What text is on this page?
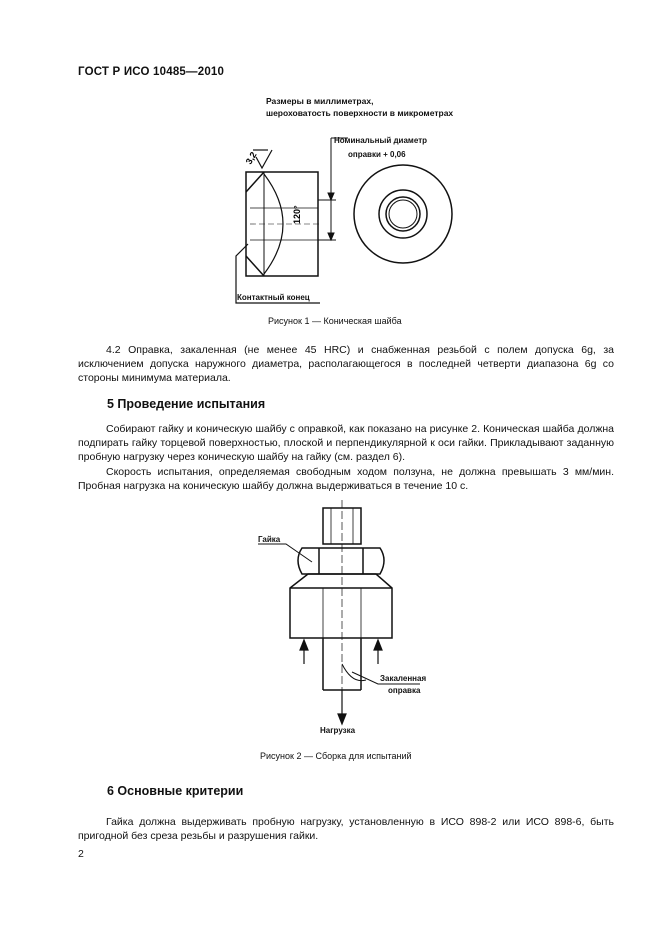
ГОСТ Р ИСО 10485—2010
Размеры в миллиметрах,
шероховатость поверхности в микрометрах
3,2
120°
Номинальный диаметр
оправки + 0,06
Контактный конец
Рисунок 1 — Коническая шайба

4.2 Оправка, закаленная (не менее 45 HRC) и снабженная резьбой с полем допуска 6g, за исключением допуска наружного диаметра, располагающегося в последней четверти диапазона 6g со стороны минимума материала.

5 Проведение испытания

Собирают гайку и коническую шайбу с оправкой, как показано на рисунке 2. Коническая шайба должна подпирать гайку торцевой поверхностью, плоской и перпендикулярной к оси гайки. Прикладывают заданную пробную нагрузку через коническую шайбу на гайку (см. раздел 6).

Скорость испытания, определяемая свободным ходом ползуна, не должна превышать 3 мм/мин. Пробная нагрузка на коническую шайбу должна выдерживаться в течение 10 с.

Гайка
Закаленная
оправка
Нагрузка
Рисунок 2 — Сборка для испытаний
6 Основные критерии

Гайка должна выдерживать пробную нагрузку, установленную в ИСО 898-2 или ИСО 898-6, быть пригодной без среза резьбы и разрушения гайки.

2
